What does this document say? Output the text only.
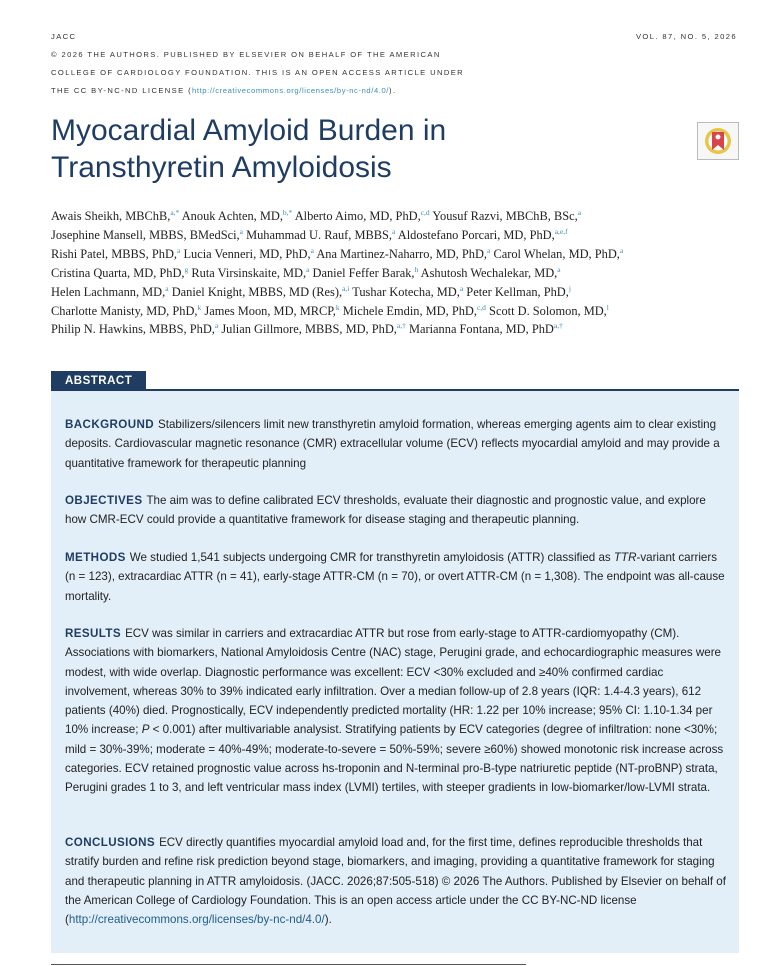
JACC
© 2026 THE AUTHORS. PUBLISHED BY ELSEVIER ON BEHALF OF THE AMERICAN
COLLEGE OF CARDIOLOGY FOUNDATION. THIS IS AN OPEN ACCESS ARTICLE UNDER
THE CC BY-NC-ND LICENSE (http://creativecommons.org/licenses/by-nc-nd/4.0/).
VOL. 87, NO. 5, 2026
Myocardial Amyloid Burden in
Transthyretin Amyloidosis
Awais Sheikh, MBChB,$^{a,*}$ Anouk Achten, MD,$^{b,*}$ Alberto Aimo, MD, PhD,$^{c,d}$ Yousuf Razvi, MBChB, BSc,$^a$
Josephine Mansell, MBBS, BMedSci,$^a$ Muhammad U. Rauf, MBBS,$^a$ Aldostefano Porcari, MD, PhD,$^{a,e,f}$
Rishi Patel, MBBS, PhD,$^a$ Lucia Venneri, MD, PhD,$^a$ Ana Martinez-Naharro, MD, PhD,$^a$ Carol Whelan, MD, PhD,$^a$
Cristina Quarta, MD, PhD,$^g$ Ruta Virsinskaite, MD,$^a$ Daniel Feffer Barak,$^h$ Ashutosh Wechalekar, MD,$^a$
Helen Lachmann, MD,$^a$ Daniel Knight, MBBS, MD (Res),$^{a,i}$ Tushar Kotecha, MD,$^a$ Peter Kellman, PhD,$^j$
Charlotte Manisty, MD, PhD,$^k$ James Moon, MD, MRCP,$^k$ Michele Emdin, MD, PhD,$^{c,d}$ Scott D. Solomon, MD,$^l$
Philip N. Hawkins, MBBS, PhD,$^a$ Julian Gillmore, MBBS, MD, PhD,$^{a,\dagger}$ Marianna Fontana, MD, PhD$^{a,\dagger}$
ABSTRACT
BACKGROUND Stabilizers/silencers limit new transthyretin amyloid formation, whereas emerging agents aim to clear existing deposits. Cardiovascular magnetic resonance (CMR) extracellular volume (ECV) reflects myocardial amyloid and may provide a quantitative framework for therapeutic planning
OBJECTIVES The aim was to define calibrated ECV thresholds, evaluate their diagnostic and prognostic value, and explore how CMR-ECV could provide a quantitative framework for disease staging and therapeutic planning.
METHODS We studied 1,541 subjects undergoing CMR for transthyretin amyloidosis (ATTR) classified as TTR-variant carriers (n = 123), extracardiac ATTR (n = 41), early-stage ATTR-CM (n = 70), or overt ATTR-CM (n = 1,308). The endpoint was all-cause mortality.
RESULTS ECV was similar in carriers and extracardiac ATTR but rose from early-stage to ATTR-cardiomyopathy (CM). Associations with biomarkers, National Amyloidosis Centre (NAC) stage, Perugini grade, and echocardiographic measures were modest, with wide overlap. Diagnostic performance was excellent: ECV <30% excluded and ≥40% confirmed cardiac involvement, whereas 30% to 39% indicated early infiltration. Over a median follow-up of 2.8 years (IQR: 1.4-4.3 years), 612 patients (40%) died. Prognostically, ECV independently predicted mortality (HR: 1.22 per 10% increase; 95% CI: 1.10-1.34 per 10% increase; P < 0.001) after multivariable analysist. Stratifying patients by ECV categories (degree of infiltration: none <30%; mild = 30%-39%; moderate = 40%-49%; moderate-to-severe = 50%-59%; severe ≥60%) showed monotonic risk increase across categories. ECV retained prognostic value across hs-troponin and N-terminal pro-B-type natriuretic peptide (NT-proBNP) strata, Perugini grades 1 to 3, and left ventricular mass index (LVMI) tertiles, with steeper gradients in low-biomarker/low-LVMI strata.
CONCLUSIONS ECV directly quantifies myocardial amyloid load and, for the first time, defines reproducible thresholds that stratify burden and refine risk prediction beyond stage, biomarkers, and imaging, providing a quantitative framework for staging and therapeutic planning in ATTR amyloidosis. (JACC. 2026;87:505-518) © 2026 The Authors. Published by Elsevier on behalf of the American College of Cardiology Foundation. This is an open access article under the CC BY-NC-ND license (http://creativecommons.org/licenses/by-nc-nd/4.0/).
